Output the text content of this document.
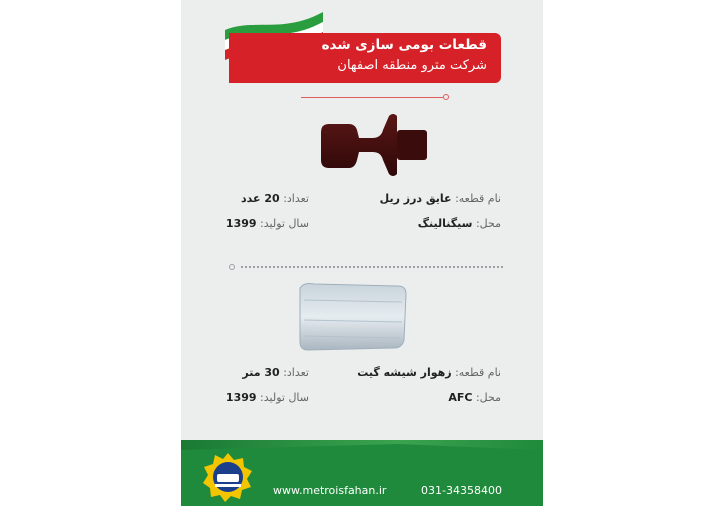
قطعات بومی سازی شده
شرکت مترو منطقه اصفهان
نام قطعه: عایق درز ریل
تعداد: 20 عدد
محل: سیگنالینگ
سال تولید: 1399
نام قطعه: زهوار شیشه گیت
تعداد: 30 متر
محل: AFC
سال تولید: 1399
www.metroisfahan.ir	031-34358400
